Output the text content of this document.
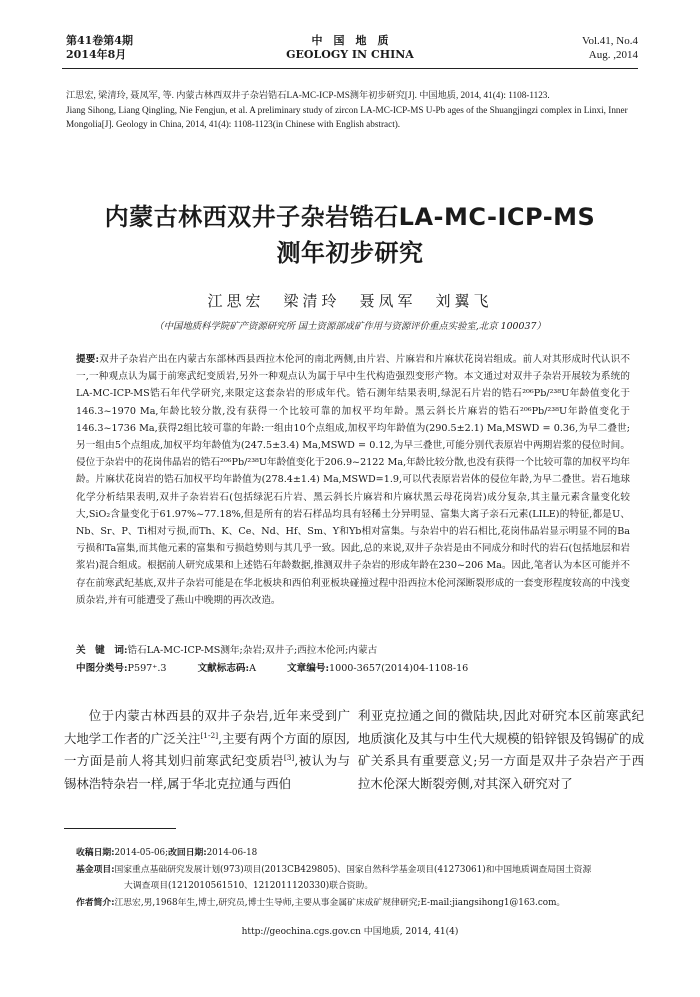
第41卷第4期
2014年8月
中　国　地　质
GEOLOGY IN CHINA
Vol.41, No.4
Aug. ,2014
江思宏, 梁清玲, 聂凤军, 等. 内蒙古林西双井子杂岩锆石LA-MC-ICP-MS测年初步研究[J]. 中国地质, 2014, 41(4): 1108-1123.
Jiang Sihong, Liang Qingling, Nie Fengjun, et al. A preliminary study of zircon LA-MC-ICP-MS U-Pb ages of the Shuangjingzi complex in Linxi, Inner Mongolia[J]. Geology in China, 2014, 41(4): 1108-1123(in Chinese with English abstract).
内蒙古林西双井子杂岩锆石LA-MC-ICP-MS
测年初步研究
江思宏　梁清玲　聂凤军　刘翼飞
（中国地质科学院矿产资源研究所 国土资源部成矿作用与资源评价重点实验室,北京 100037）
提要:双井子杂岩产出在内蒙古东部林西县西拉木伦河的南北两侧,由片岩、片麻岩和片麻状花岗岩组成。前人对其形成时代认识不一,一种观点认为属于前寒武纪变质岩,另外一种观点认为属于早中生代构造强烈变形产物。本文通过对双井子杂岩开展较为系统的LA-MC-ICP-MS锆石年代学研究,来限定这套杂岩的形成年代。锆石测年结果表明,绿泥石片岩的锆石²⁰⁶Pb/²³⁸U年龄值变化于146.3~1970 Ma,年龄比较分散,没有获得一个比较可靠的加权平均年龄。黑云斜长片麻岩的锆石²⁰⁶Pb/²³⁸U年龄值变化于146.3~1736 Ma,获得2组比较可靠的年龄:一组由10个点组成,加权平均年龄值为(290.5±2.1) Ma,MSWD = 0.36,为早二叠世;另一组由5个点组成,加权平均年龄值为(247.5±3.4) Ma,MSWD = 0.12,为早三叠世,可能分别代表原岩中两期岩浆的侵位时间。侵位于杂岩中的花岗伟晶岩的锆石²⁰⁶Pb/²³⁸U年龄值变化于206.9~2122 Ma,年龄比较分散,也没有获得一个比较可靠的加权平均年龄。片麻状花岗岩的锆石加权平均年龄值为(278.4±1.4) Ma,MSWD=1.9,可以代表原岩岩体的侵位年龄,为早二叠世。岩石地球化学分析结果表明,双井子杂岩岩石(包括绿泥石片岩、黑云斜长片麻岩和片麻状黑云母花岗岩)成分复杂,其主量元素含量变化较大,SiO₂含量变化于61.97%~77.18%,但是所有的岩石样品均具有轻稀土分异明显、富集大离子亲石元素(LILE)的特征,都是U、Nb、Sr、P、Ti相对亏损,而Th、K、Ce、Nd、Hf、Sm、Y和Yb相对富集。与杂岩中的岩石相比,花岗伟晶岩显示明显不同的Ba亏损和Ta富集,而其他元素的富集和亏损趋势则与其几乎一致。因此,总的来说,双井子杂岩是由不同成分和时代的岩石(包括地层和岩浆岩)混合组成。根据前人研究成果和上述锆石年龄数据,推测双井子杂岩的形成年龄在230~206 Ma。因此,笔者认为本区可能并不存在前寒武纪基底,双井子杂岩可能是在华北板块和西伯利亚板块碰撞过程中沿西拉木伦河深断裂形成的一套变形程度较高的中浅变质杂岩,并有可能遭受了燕山中晚期的再次改造。
关　键　词:锆石LA-MC-ICP-MS测年;杂岩;双井子;西拉木伦河;内蒙古
中图分类号:P597⁺.3	文献标志码:A	文章编号:1000-3657(2014)04-1108-16
位于内蒙古林西县的双井子杂岩,近年来受到广大地学工作者的广泛关注[1-2],主要有两个方面的原因,一方面是前人将其划归前寒武纪变质岩[3],被认为与锡林浩特杂岩一样,属于华北克拉通与西伯
利亚克拉通之间的微陆块,因此对研究本区前寒武纪地质演化及其与中生代大规模的铅锌银及钨锡矿的成矿关系具有重要意义;另一方面是双井子杂岩产于西拉木伦深大断裂旁侧,对其深入研究对了
收稿日期:2014-05-06;改回日期:2014-06-18
基金项目:国家重点基础研究发展计划(973)项目(2013CB429805)、国家自然科学基金项目(41273061)和中国地质调查局国土资源
大调查项目(1212010561510、1212011120330)联合资助。
作者简介:江思宏,男,1968年生,博士,研究员,博士生导师,主要从事金属矿床成矿规律研究;E-mail:jiangsihong1@163.com。
http://geochina.cgs.gov.cn 中国地质, 2014, 41(4)
